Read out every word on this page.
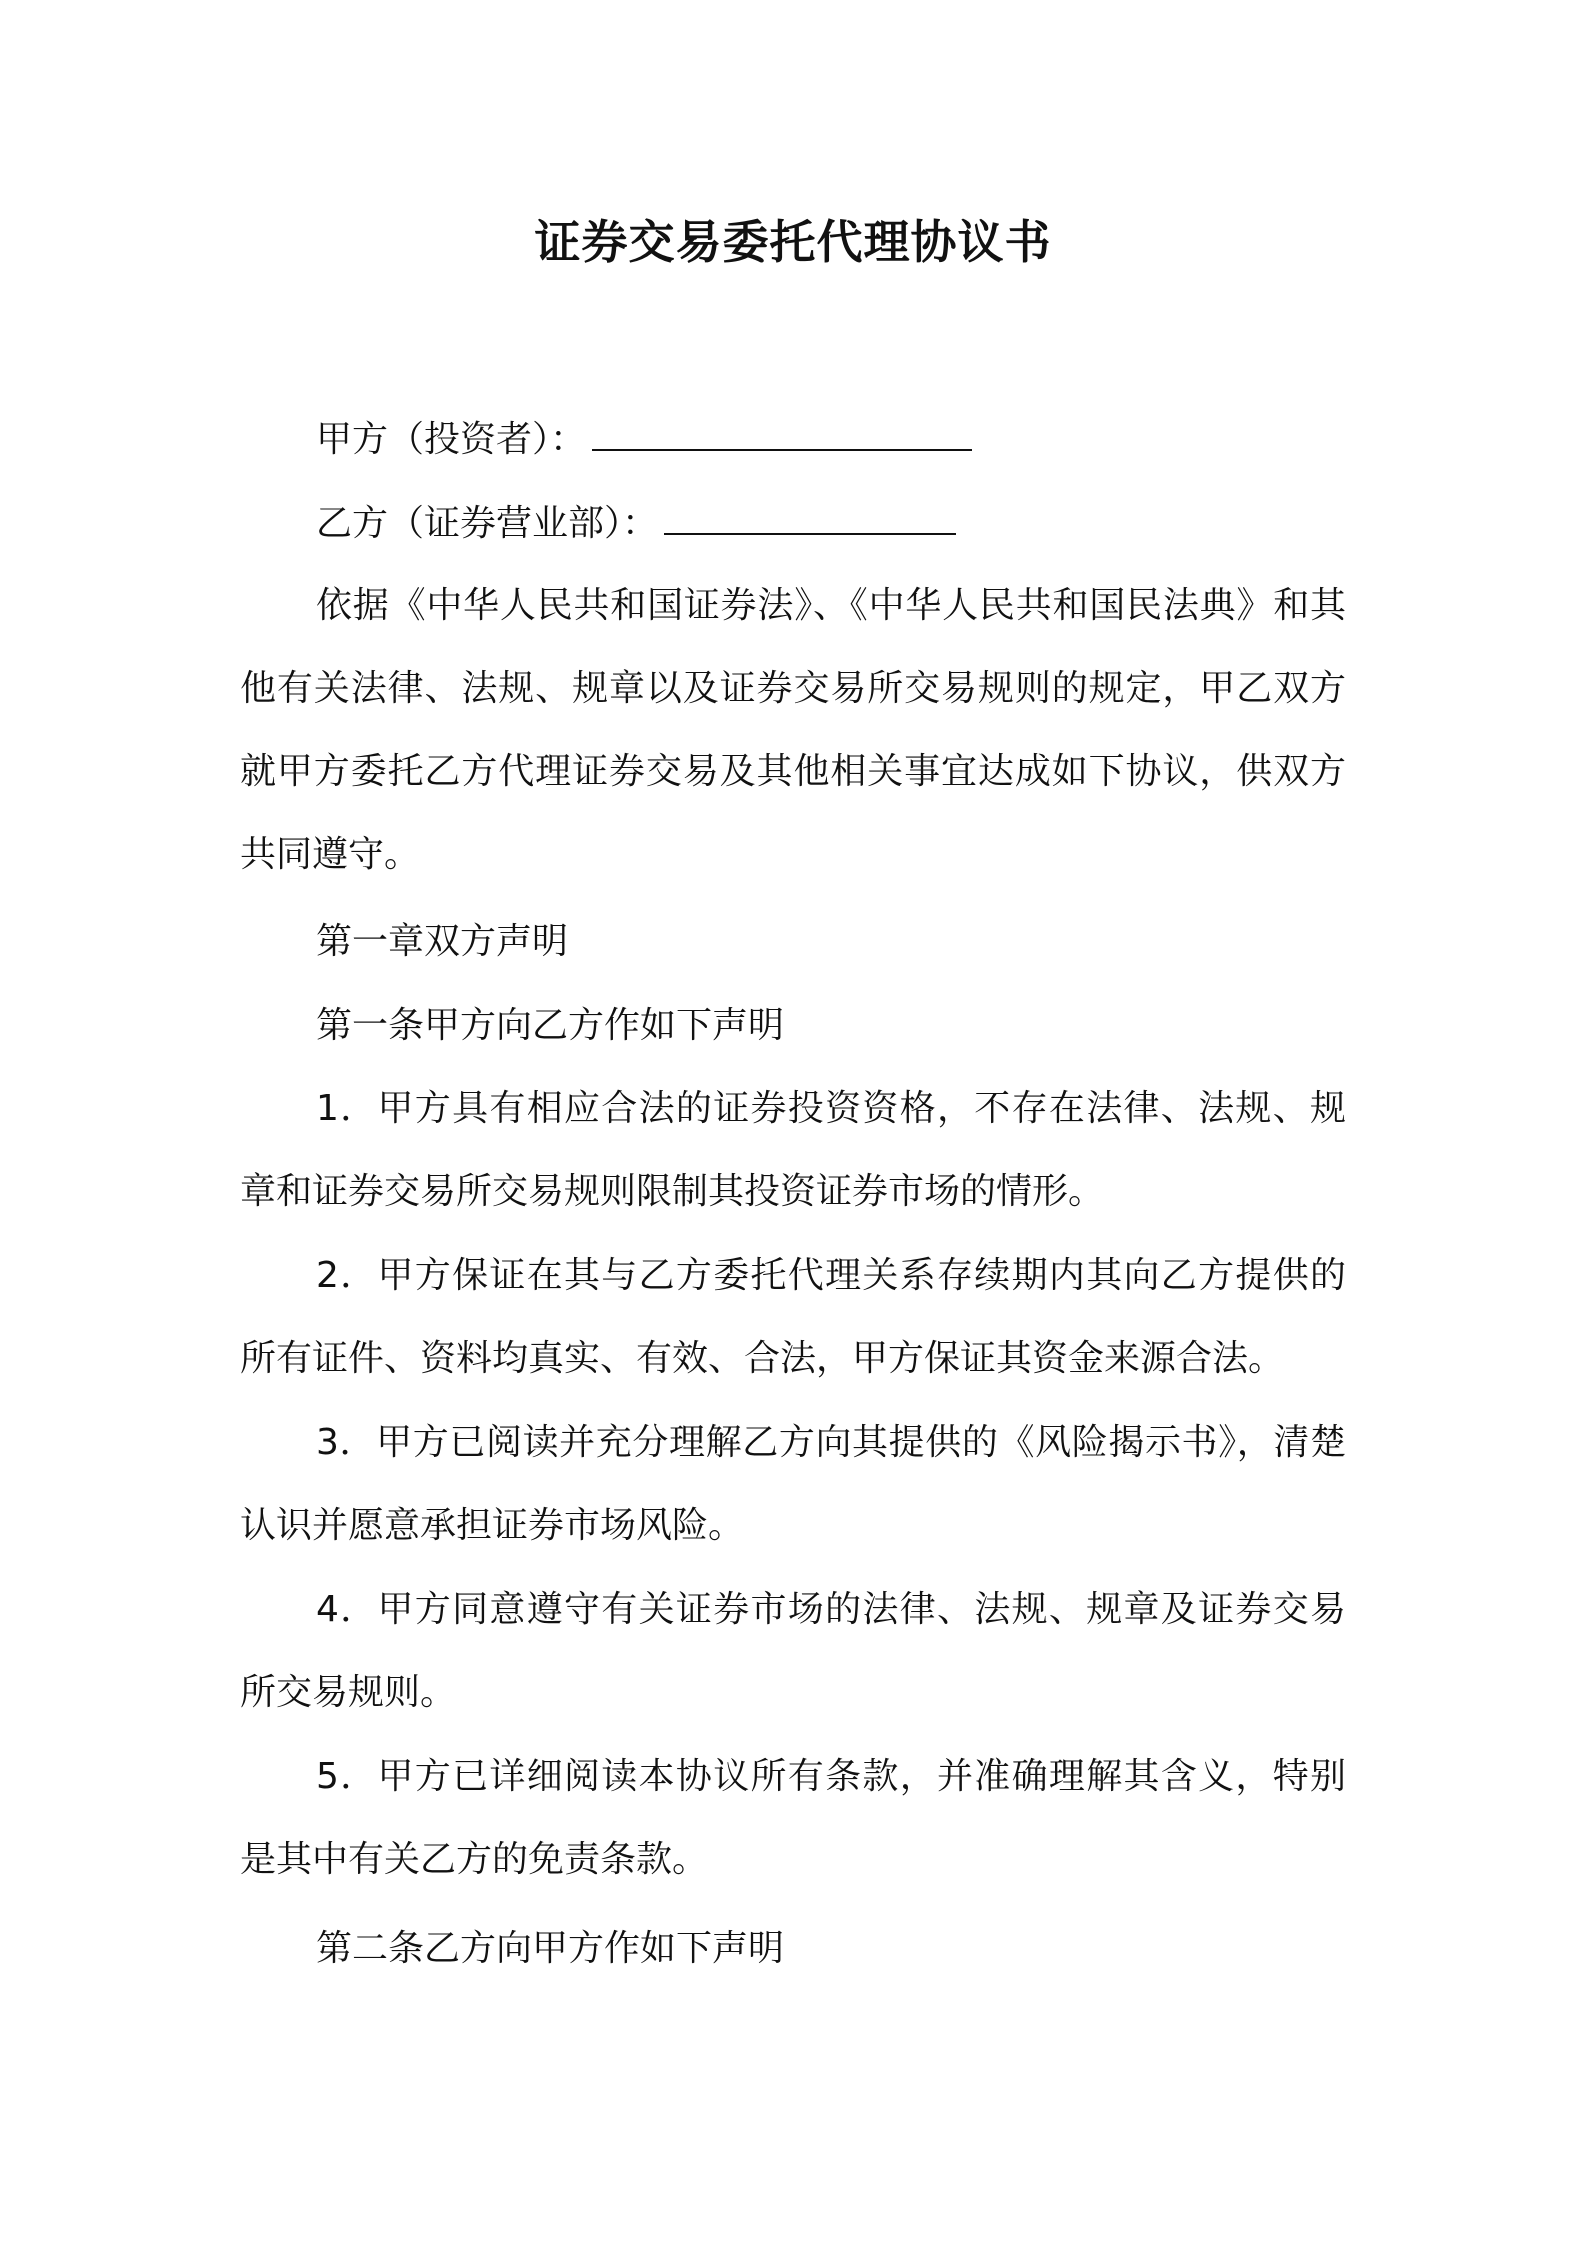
证券交易委托代理协议书
甲方（投资者）：
乙方（证券营业部）：

依据《中华人民共和国证券法》、《中华人民共和国民法典》和其他有关法律、法规、规章以及证券交易所交易规则的规定，甲乙双方就甲方委托乙方代理证券交易及其他相关事宜达成如下协议，供双方共同遵守。

第一章双方声明
第一条甲方向乙方作如下声明

1．甲方具有相应合法的证券投资资格，不存在法律、法规、规章和证券交易所交易规则限制其投资证券市场的情形。

2．甲方保证在其与乙方委托代理关系存续期内其向乙方提供的所有证件、资料均真实、有效、合法，甲方保证其资金来源合法。

3．甲方已阅读并充分理解乙方向其提供的《风险揭示书》，清楚认识并愿意承担证券市场风险。

4．甲方同意遵守有关证券市场的法律、法规、规章及证券交易所交易规则。

5．甲方已详细阅读本协议所有条款，并准确理解其含义，特别是其中有关乙方的免责条款。

第二条乙方向甲方作如下声明
